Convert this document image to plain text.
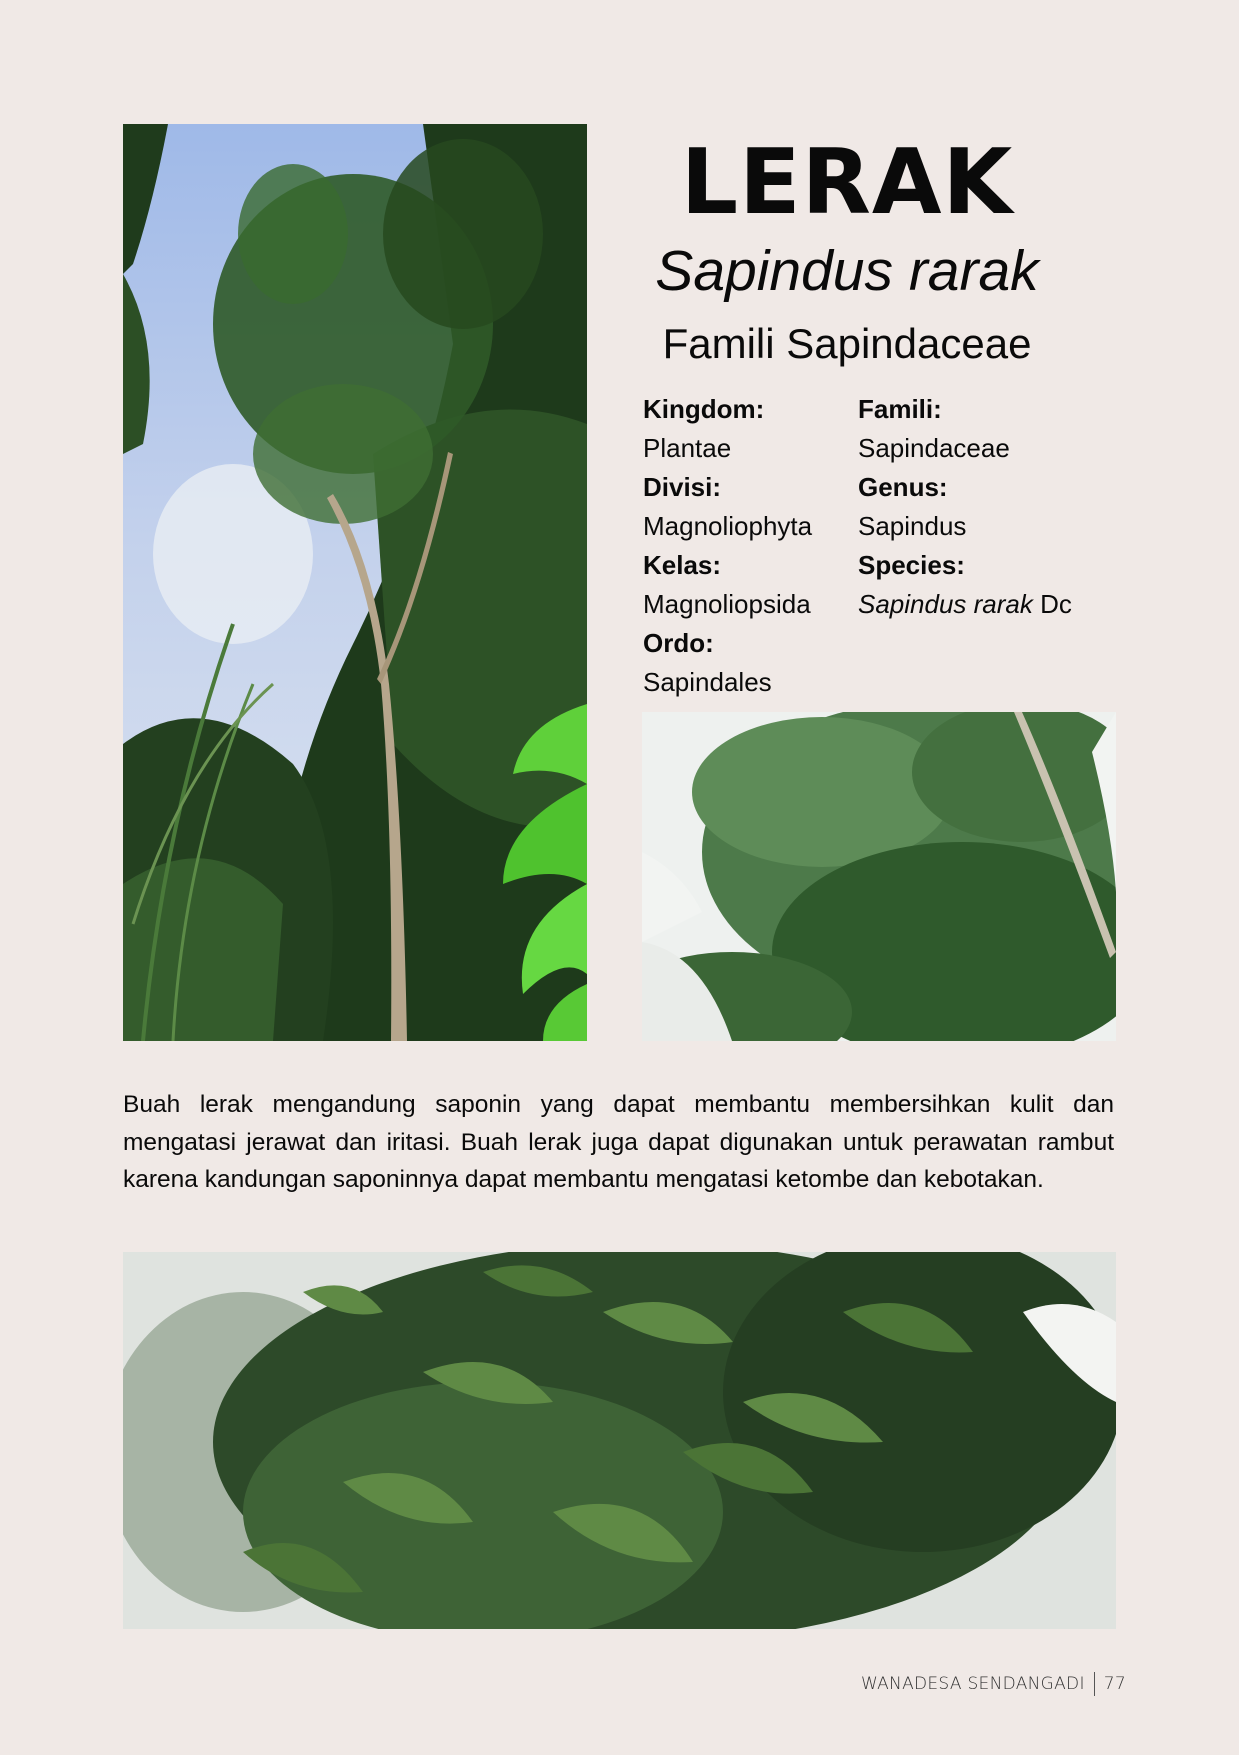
LERAK
Sapindus rarak
Famili Sapindaceae
Kingdom:
Plantae
Divisi:
Magnoliophyta
Kelas:
Magnoliopsida
Ordo:
Sapindales
Famili:
Sapindaceae
Genus:
Sapindus
Species:
Sapindus rarak Dc

Buah lerak mengandung saponin yang dapat membantu membersihkan kulit dan mengatasi jerawat dan iritasi. Buah lerak juga dapat digunakan untuk perawatan rambut karena kandungan saponinnya dapat membantu mengatasi ketombe dan kebotakan.

WANADESA SENDANGADI 77
